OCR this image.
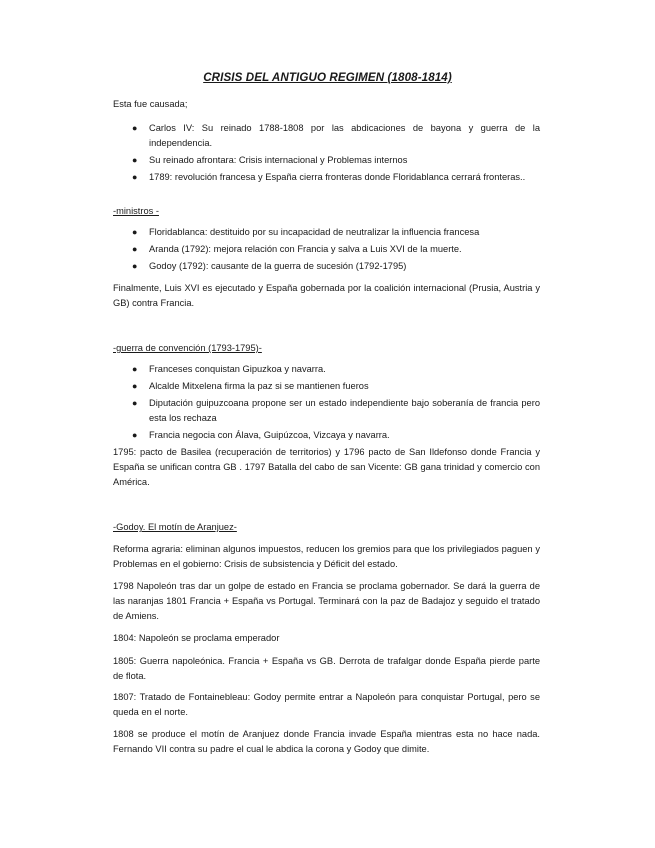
CRISIS DEL ANTIGUO REGIMEN (1808-1814)

Esta fue causada;

● Carlos IV: Su reinado 1788-1808 por las abdicaciones de bayona y guerra de la independencia.
● Su reinado afrontara: Crisis internacional y Problemas internos
● 1789: revolución francesa y España cierra fronteras donde Floridablanca cerrará fronteras..

-ministros -

● Floridablanca: destituido por su incapacidad de neutralizar la influencia francesa
● Aranda (1792): mejora relación con Francia y salva a Luis XVI de la muerte.
● Godoy (1792): causante de la guerra de sucesión (1792-1795)

Finalmente, Luis XVI es ejecutado y España gobernada por la coalición internacional (Prusia, Austria y GB) contra Francia.

-guerra de convención (1793-1795)-

● Franceses conquistan Gipuzkoa y navarra.
● Alcalde Mitxelena firma la paz si se mantienen fueros
● Diputación guipuzcoana propone ser un estado independiente bajo soberanía de francia pero esta los rechaza
● Francia negocia con Álava, Guipúzcoa, Vizcaya y navarra.

1795: pacto de Basilea (recuperación de territorios) y 1796 pacto de San Ildefonso donde Francia y España se unifican contra GB . 1797 Batalla del cabo de san Vicente: GB gana trinidad y comercio con América.

-Godoy. El motín de Aranjuez-

Reforma agraria: eliminan algunos impuestos, reducen los gremios para que los privilegiados paguen y Problemas en el gobierno: Crisis de subsistencia y Déficit del estado.

1798 Napoleón tras dar un golpe de estado en Francia se proclama gobernador. Se dará la guerra de las naranjas 1801 Francia + España vs Portugal. Terminará con la paz de Badajoz y seguido el tratado de Amiens.

1804: Napoleón se proclama emperador

1805: Guerra napoleónica. Francia + España vs GB. Derrota de trafalgar donde España pierde parte de flota.

1807: Tratado de Fontainebleau: Godoy permite entrar a Napoleón para conquistar Portugal, pero se queda en el norte.

1808 se produce el motín de Aranjuez donde Francia invade España mientras esta no hace nada. Fernando VII contra su padre el cual le abdica la corona y Godoy que dimite.
